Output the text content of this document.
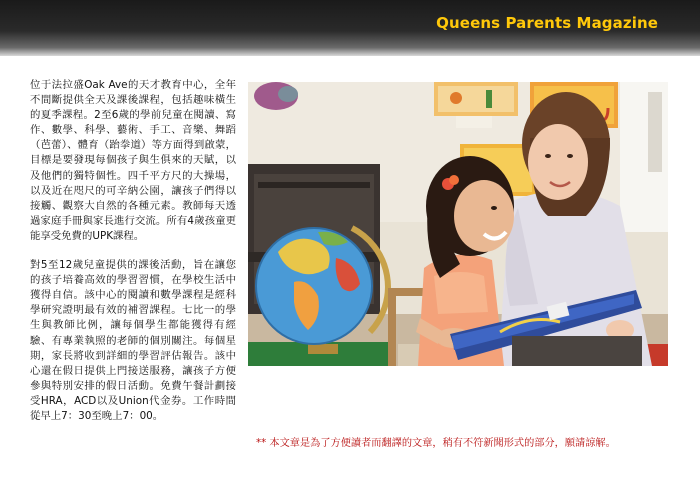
Queens Parents Magazine

位于法拉盛Oak Ave的天才教育中心，全年不間斷提供全天及課後課程，包括趣味橫生的夏季課程。2至6歲的學前兒童在閱讀、寫作、數學、科學、藝術、手工、音樂、舞蹈（芭蕾）、體育（跆拳道）等方面得到啟蒙，目標是要發現每個孩子與生俱來的天賦，以及他們的獨特個性。四千平方尺的大操場，以及近在咫尺的可辛納公園，讓孩子們得以接觸、觀察大自然的各種元素。教師每天透過家庭手冊與家長進行交流。所有4歲孩童更能享受免費的UPK課程。

對5至12歲兒童提供的課後活動，旨在讓您的孩子培養高效的學習習慣，在學校生活中獲得自信。該中心的閱讀和數學課程是經科學研究證明最有效的補習課程。七比一的學生與教師比例，讓每個學生都能獲得有經驗、有專業執照的老師的個別關注。每個星期，家長將收到詳細的學習評估報告。該中心還在假日提供上門接送服務，讓孩子方便參與特別安排的假日活動。免費午餐計劃接受HRA，ACD以及Union代金券。工作時間從早上7：30至晚上7：00。

** 本文章是為了方便讀者而翻譯的文章，稍有不符新聞形式的部分，願請諒解。
